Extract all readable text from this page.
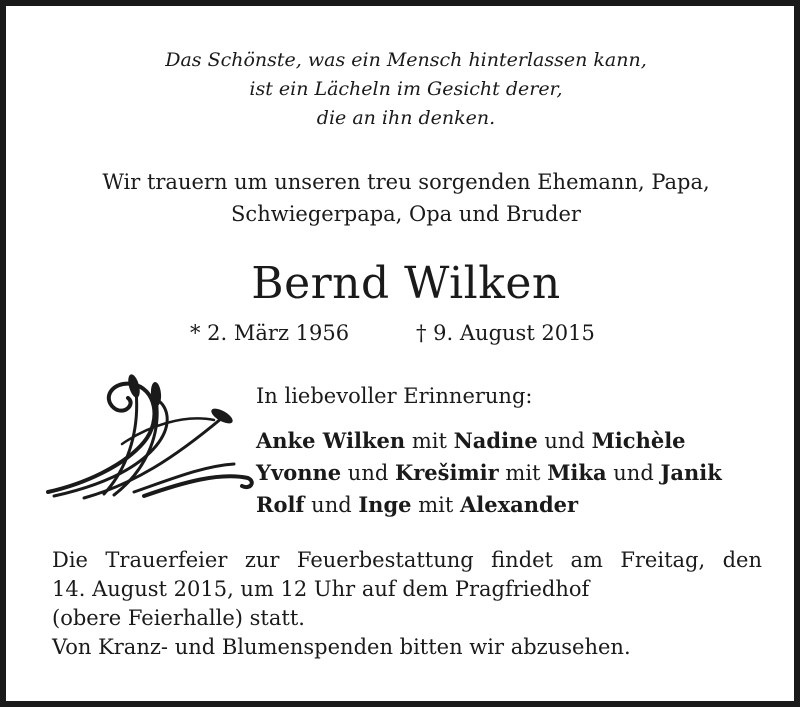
Das Schönste, was ein Mensch hinterlassen kann,
ist ein Lächeln im Gesicht derer,
die an ihn denken.
Wir trauern um unseren treu sorgenden Ehemann, Papa,
Schwiegerpapa, Opa und Bruder
Bernd Wilken
* 2. März 1956	† 9. August 2015
In liebevoller Erinnerung:
Anke Wilken mit Nadine und Michèle
Yvonne und Krešimir mit Mika und Janik
Rolf und Inge mit Alexander
Die Trauerfeier zur Feuerbestattung findet am Freitag, den
14. August 2015, um 12 Uhr auf dem Pragfriedhof
(obere Feierhalle) statt.
Von Kranz- und Blumenspenden bitten wir abzusehen.
